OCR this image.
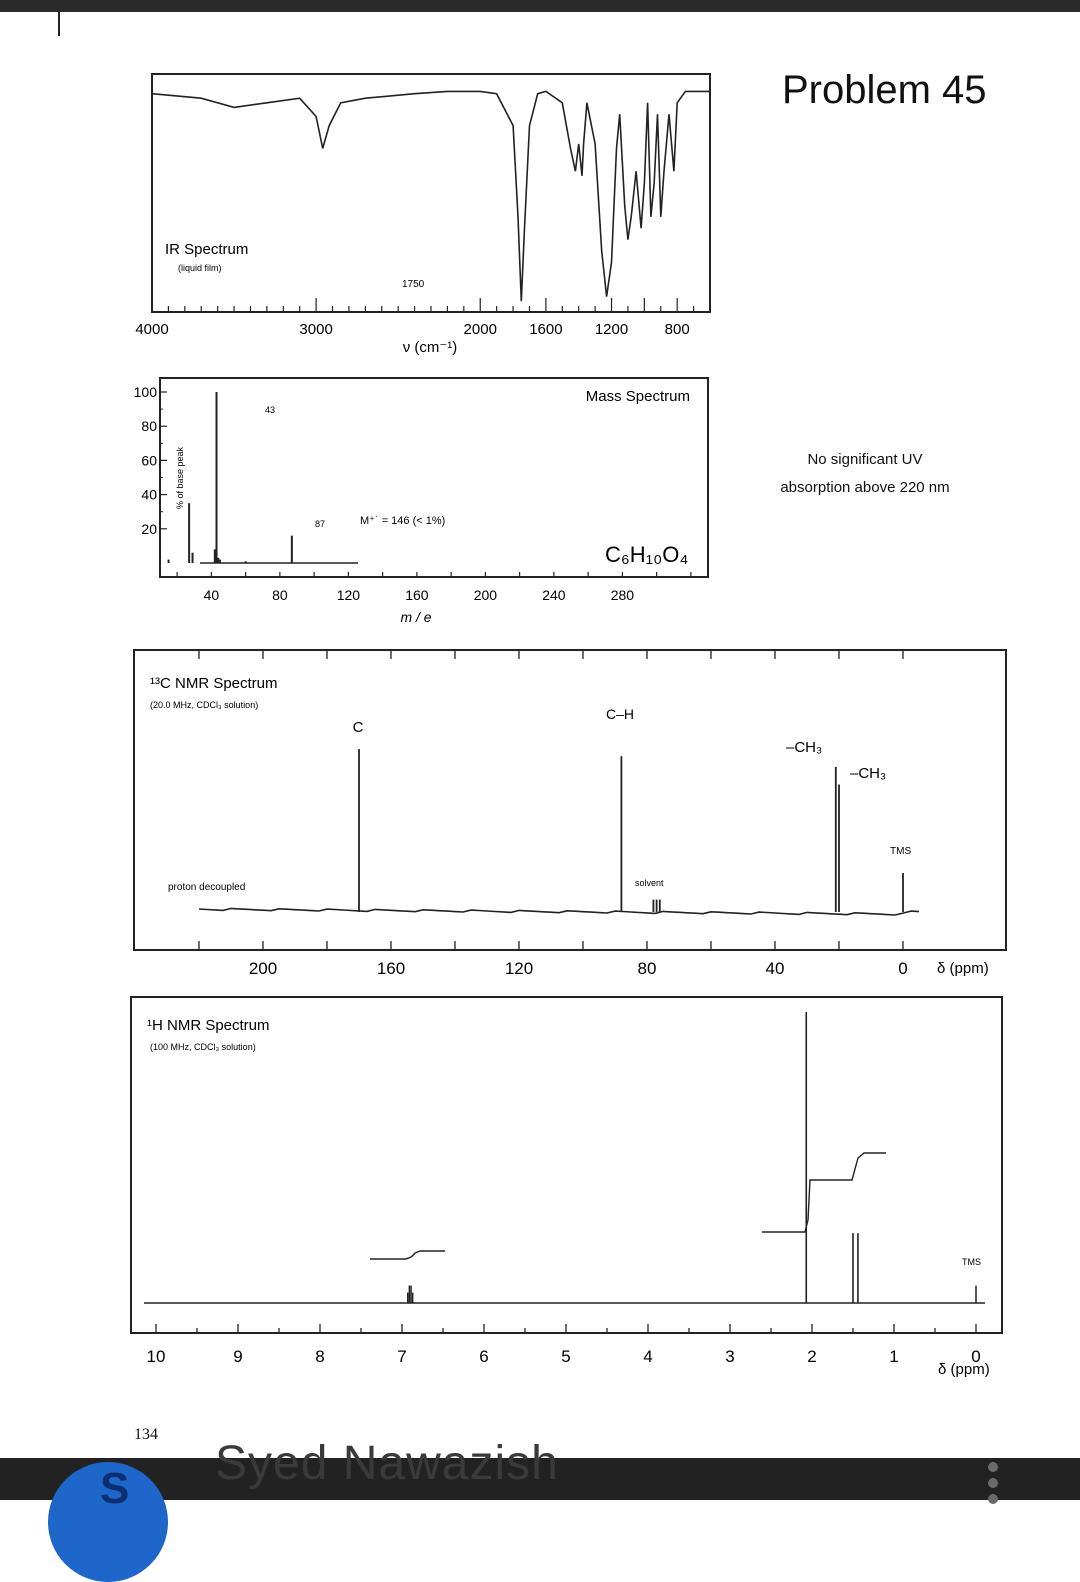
Problem 45
No significant UV
absorption above 220 nm
134
IR Spectrum
(liquid film)
1750
ν (cm⁻¹)
4000	3000	2000 1600 1200 800
Mass Spectrum
43
87	M⁺˙ = 146 (< 1%)
C₆H₁₀O₄
% of base peak
m / e
20
40
60
80
100
40	80	120	160	200	240	280
¹³C NMR Spectrum
(20.0 MHz, CDCl₃ solution)
proton decoupled
C
C–H
–CH₃
–CH₃
TMS
solvent
δ (ppm)
200	160	120	80	40	0
¹H NMR Spectrum
(100 MHz, CDCl₃ solution)
TMS
δ (ppm)
10	9	8	7	6	5	4	3	2	1	0
S Syed Nawazish
